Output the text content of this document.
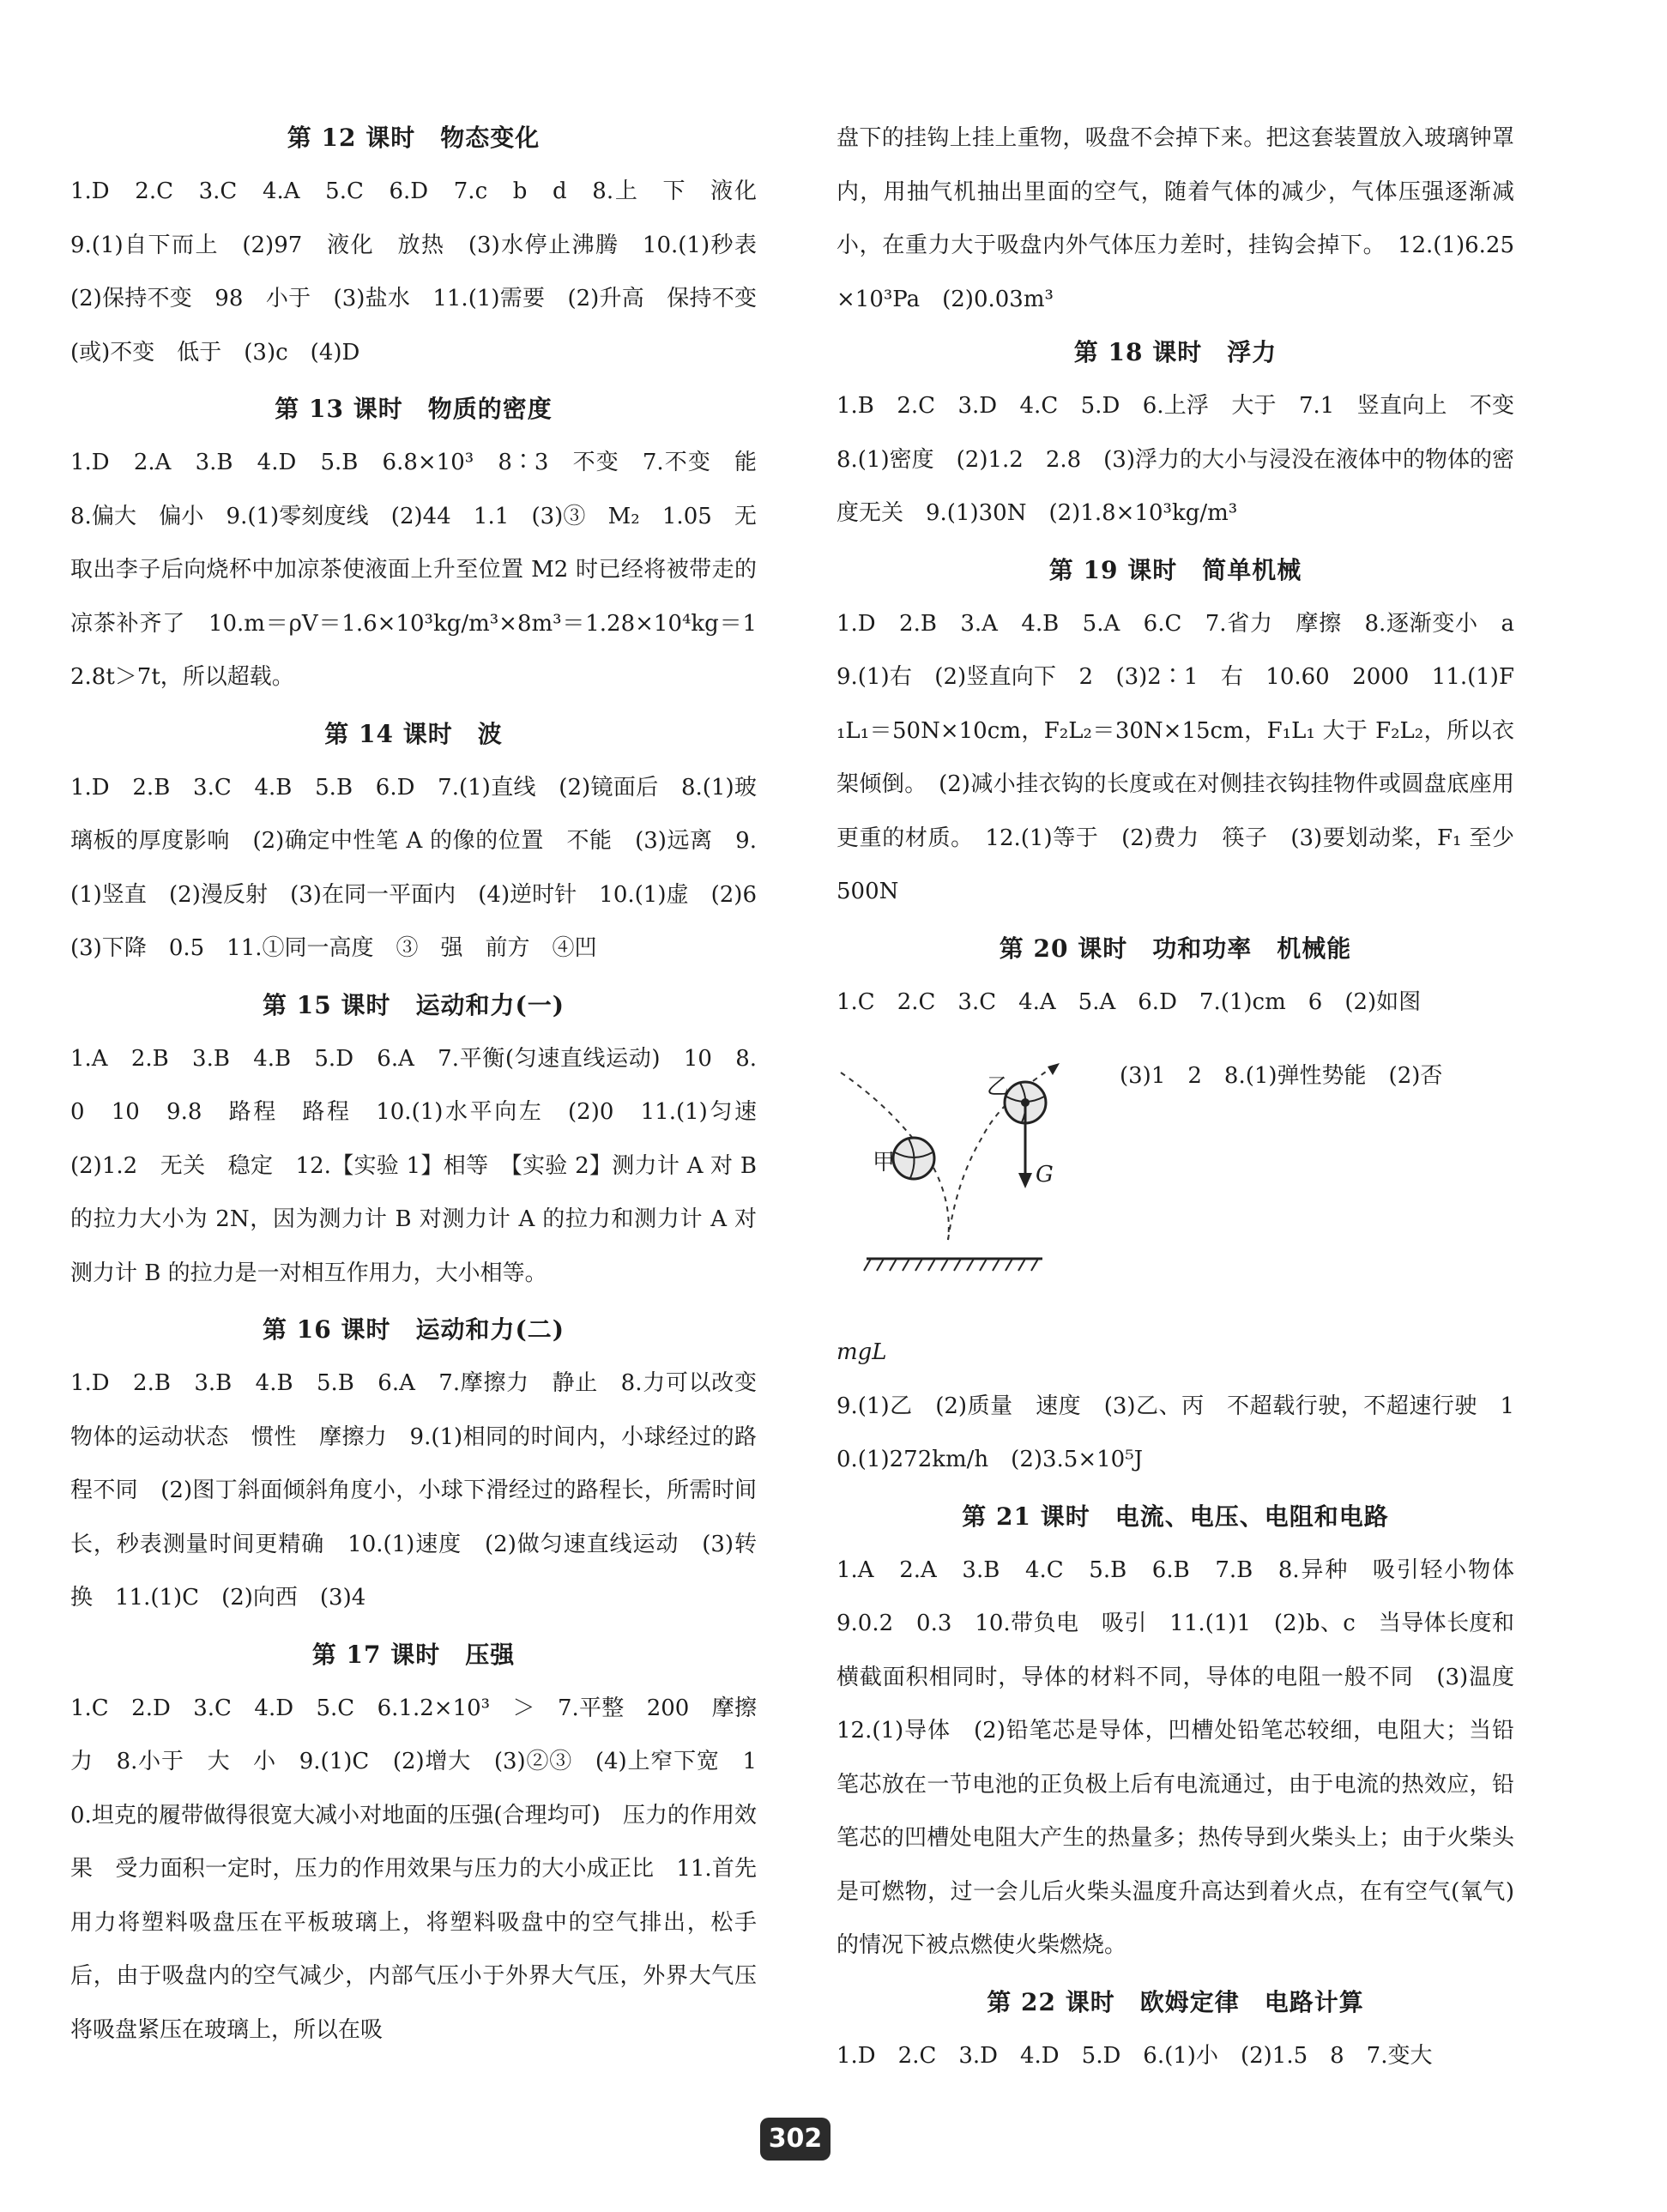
第 12 课时　物态变化

1.D　2.C　3.C　4.A　5.C　6.D　7.c　b　d　8.上　下　液化　9.(1)自下而上　(2)97　液化　放热　(3)水停止沸腾　10.(1)秒表　(2)保持不变　98　小于　(3)盐水　11.(1)需要　(2)升高　保持不变(或)不变　低于　(3)c　(4)D

第 13 课时　物质的密度

1.D　2.A　3.B　4.D　5.B　6.8×10³　8∶3　不变　7.不变　能　8.偏大　偏小　9.(1)零刻度线　(2)44　1.1　(3)③　M₂　1.05　无　取出李子后向烧杯中加凉茶使液面上升至位置 M2 时已经将被带走的凉茶补齐了　10.m＝ρV＝1.6×10³kg/m³×8m³＝1.28×10⁴kg＝12.8t＞7t，所以超载。

第 14 课时　波

1.D　2.B　3.C　4.B　5.B　6.D　7.(1)直线　(2)镜面后　8.(1)玻璃板的厚度影响　(2)确定中性笔 A 的像的位置　不能　(3)远离　9.(1)竖直　(2)漫反射　(3)在同一平面内　(4)逆时针　10.(1)虚　(2)6　(3)下降　0.5　11.①同一高度　③　强　前方　④凹

第 15 课时　运动和力(一)

1.A　2.B　3.B　4.B　5.D　6.A　7.平衡(匀速直线运动)　10　8.0　10　9.8　路程　路程　10.(1)水平向左　(2)0　11.(1)匀速　(2)1.2　无关　稳定　12.【实验 1】相等　【实验 2】测力计 A 对 B 的拉力大小为 2N，因为测力计 B 对测力计 A 的拉力和测力计 A 对测力计 B 的拉力是一对相互作用力，大小相等。

第 16 课时　运动和力(二)

1.D　2.B　3.B　4.B　5.B　6.A　7.摩擦力　静止　8.力可以改变物体的运动状态　惯性　摩擦力　9.(1)相同的时间内，小球经过的路程不同　(2)图丁斜面倾斜角度小，小球下滑经过的路程长，所需时间长，秒表测量时间更精确　10.(1)速度　(2)做匀速直线运动　(3)转换　11.(1)C　(2)向西　(3)4

第 17 课时　压强

1.C　2.D　3.C　4.D　5.C　6.1.2×10³　＞　7.平整　200　摩擦力　8.小于　大　小　9.(1)C　(2)增大　(3)②③　(4)上窄下宽　10.坦克的履带做得很宽大减小对地面的压强(合理均可)　压力的作用效果　受力面积一定时，压力的作用效果与压力的大小成正比　11.首先用力将塑料吸盘压在平板玻璃上，将塑料吸盘中的空气排出，松手后，由于吸盘内的空气减少，内部气压小于外界大气压，外界大气压将吸盘紧压在玻璃上，所以在吸

盘下的挂钩上挂上重物，吸盘不会掉下来。把这套装置放入玻璃钟罩内，用抽气机抽出里面的空气，随着气体的减少，气体压强逐渐减小，在重力大于吸盘内外气体压力差时，挂钩会掉下。　12.(1)6.25×10³Pa　(2)0.03m³

第 18 课时　浮力

1.B　2.C　3.D　4.C　5.D　6.上浮　大于　7.1　竖直向上　不变　8.(1)密度　(2)1.2　2.8　(3)浮力的大小与浸没在液体中的物体的密度无关　9.(1)30N　(2)1.8×10³kg/m³

第 19 课时　简单机械

1.D　2.B　3.A　4.B　5.A　6.C　7.省力　摩擦　8.逐渐变小　a　9.(1)右　(2)竖直向下　2　(3)2∶1　右　10.60　2000　11.(1)F₁L₁＝50N×10cm，F₂L₂＝30N×15cm，F₁L₁ 大于 F₂L₂，所以衣架倾倒。　(2)减小挂衣钩的长度或在对侧挂衣钩挂物件或圆盘底座用更重的材质。　12.(1)等于　(2)费力　筷子　(3)要划动桨，F₁ 至少 500N

第 20 课时　功和功率　机械能

1.C　2.C　3.C　4.A　5.A　6.D　7.(1)cm　6　(2)如图

甲
乙
G
(3)1　2　8.(1)弹性势能　(2)否
mgL

9.(1)乙　(2)质量　速度　(3)乙、丙　不超载行驶，不超速行驶　10.(1)272km/h　(2)3.5×10⁵J

第 21 课时　电流、电压、电阻和电路

1.A　2.A　3.B　4.C　5.B　6.B　7.B　8.异种　吸引轻小物体　9.0.2　0.3　10.带负电　吸引　11.(1)1　(2)b、c　当导体长度和横截面积相同时，导体的材料不同，导体的电阻一般不同　(3)温度　12.(1)导体　(2)铅笔芯是导体，凹槽处铅笔芯较细，电阻大；当铅笔芯放在一节电池的正负极上后有电流通过，由于电流的热效应，铅笔芯的凹槽处电阻大产生的热量多；热传导到火柴头上；由于火柴头是可燃物，过一会儿后火柴头温度升高达到着火点，在有空气(氧气)的情况下被点燃使火柴燃烧。

第 22 课时　欧姆定律　电路计算

1.D　2.C　3.D　4.D　5.D　6.(1)小　(2)1.5　8　7.变大

302
